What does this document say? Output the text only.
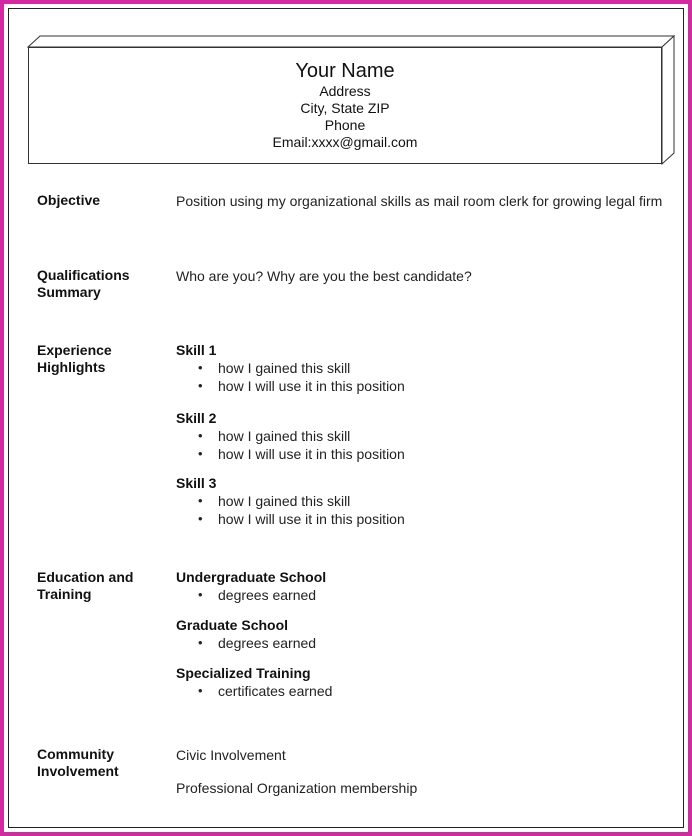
Your Name
Address
City, State ZIP
Phone
Email:xxxx@gmail.com
Objective	Position using my organizational skills as mail room clerk for growing legal firm
Qualifications Summary
Who are you? Why are you the best candidate?
Experience Highlights
Skill 1
• how I gained this skill
• how I will use it in this position
Skill 2
• how I gained this skill
• how I will use it in this position
Skill 3
• how I gained this skill
• how I will use it in this position
Education and Training
Undergraduate School
• degrees earned
Graduate School
• degrees earned
Specialized Training
• certificates earned
Community Involvement
Civic Involvement
Professional Organization membership
